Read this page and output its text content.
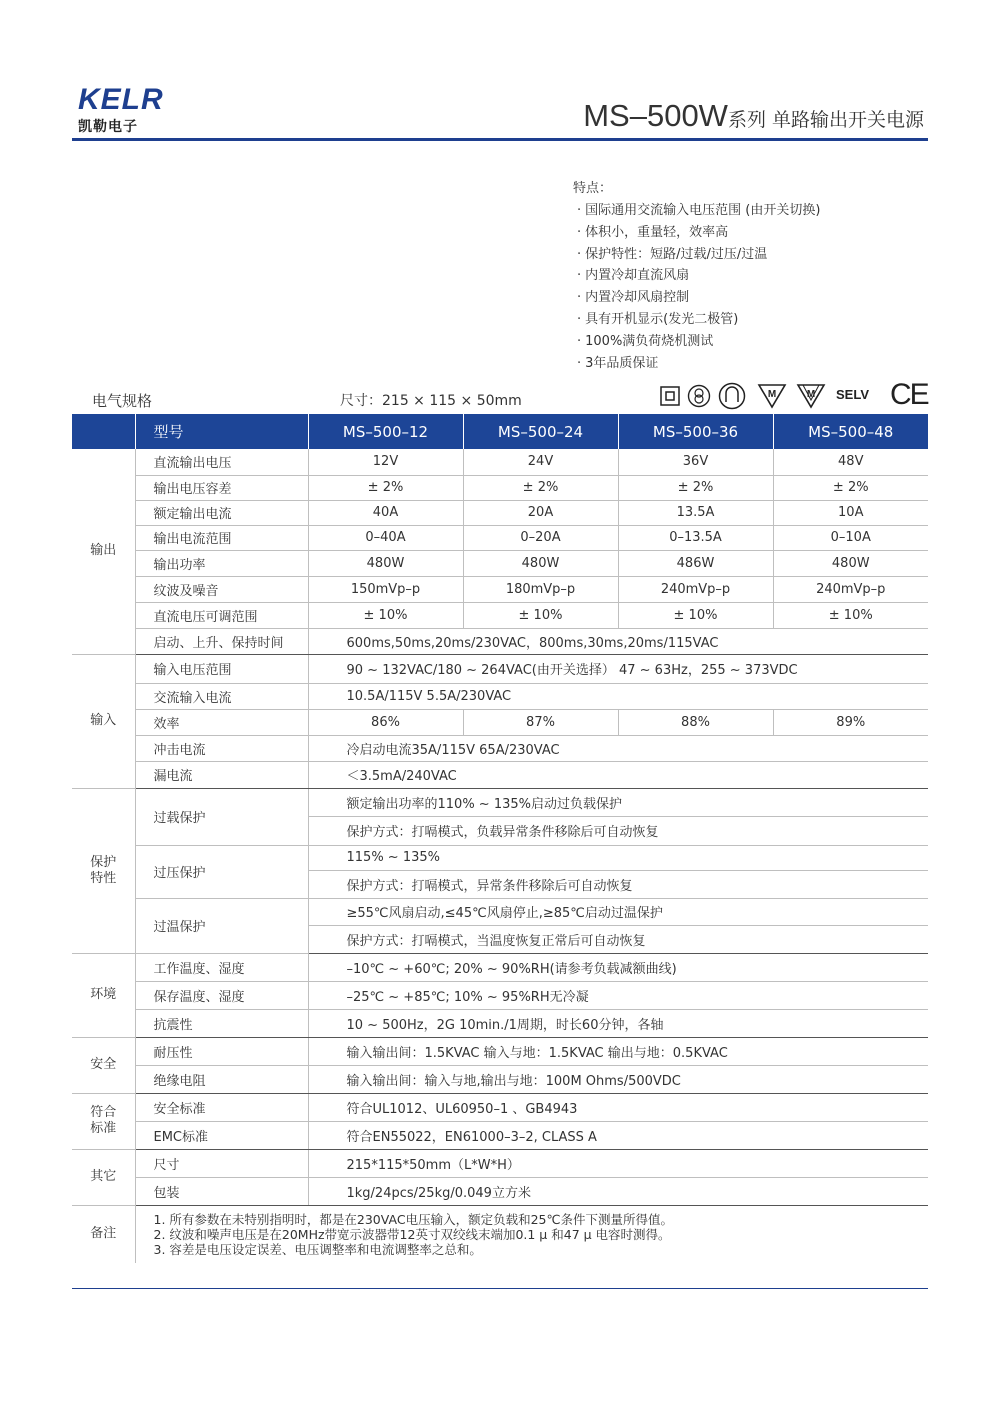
KELR
凯勒电子	MS–500W系列 单路输出开关电源
特点：
· 国际通用交流输入电压范围 (由开关切换)
· 体积小，重量轻，效率高
· 保护特性：短路/过载/过压/过温
· 内置冷却直流风扇
· 内置冷却风扇控制
· 具有开机显示(发光二极管)
· 100%满负荷烧机测试
· 3年品质保证
电气规格	尺寸：215 × 115 × 50mm	M	M SELV CE
	型号	MS–500–12	MS–500–24	MS–500–36	MS–500–48
输出	直流输出电压	12V	24V	36V	48V
	输出电压容差	± 2%	± 2%	± 2%	± 2%
	额定输出电流	40A	20A	13.5A	10A
	输出电流范围	0–40A	0–20A	0–13.5A	0–10A
	输出功率	480W	480W	486W	480W
	纹波及噪音	150mVp–p	180mVp–p	240mVp–p	240mVp–p
	直流电压可调范围	± 10%	± 10%	± 10%	± 10%
	启动、上升、保持时间	600ms,50ms,20ms/230VAC，800ms,30ms,20ms/115VAC			
输入	输入电压范围	90 ~ 132VAC/180 ~ 264VAC(由开关选择） 47 ~ 63Hz，255 ~ 373VDC			
	交流输入电流	10.5A/115V 5.5A/230VAC			
	效率	86%	87%	88%	89%
	冲击电流	冷启动电流35A/115V 65A/230VAC			
	漏电流	＜3.5mA/240VAC			
保护特性	过载保护	额定输出功率的110% ~ 135%启动过负载保护			
		保护方式：打嗝模式，负载异常条件移除后可自动恢复			
	过压保护	115% ~ 135%			
		保护方式：打嗝模式，异常条件移除后可自动恢复			
	过温保护	≥55℃风扇启动,≤45℃风扇停止,≥85℃启动过温保护			
		保护方式：打嗝模式，当温度恢复正常后可自动恢复			
环境	工作温度、湿度	–10℃ ~ +60℃; 20% ~ 90%RH(请参考负载减额曲线)			
	保存温度、湿度	–25℃ ~ +85℃; 10% ~ 95%RH无冷凝			
	抗震性	10 ~ 500Hz，2G 10min./1周期，时长60分钟，各轴			
安全	耐压性	输入输出间：1.5KVAC 输入与地：1.5KVAC 输出与地：0.5KVAC			
	绝缘电阻	输入输出间：输入与地,输出与地：100M Ohms/500VDC			
符合标准	安全标准	符合UL1012、UL60950–1 、GB4943			
	EMC标准	符合EN55022，EN61000–3–2, CLASS A			
其它	尺寸	215*115*50mm（L*W*H）			
	包装	1kg/24pcs/25kg/0.049立方米			
备注	1. 所有参数在未特别指明时，都是在230VAC电压输入，额定负载和25℃条件下测量所得值。
2. 纹波和噪声电压是在20MHz带宽示波器带12英寸双绞线末端加0.1 μ 和47 μ 电容时测得。
3. 容差是电压设定误差、电压调整率和电流调整率之总和。				
